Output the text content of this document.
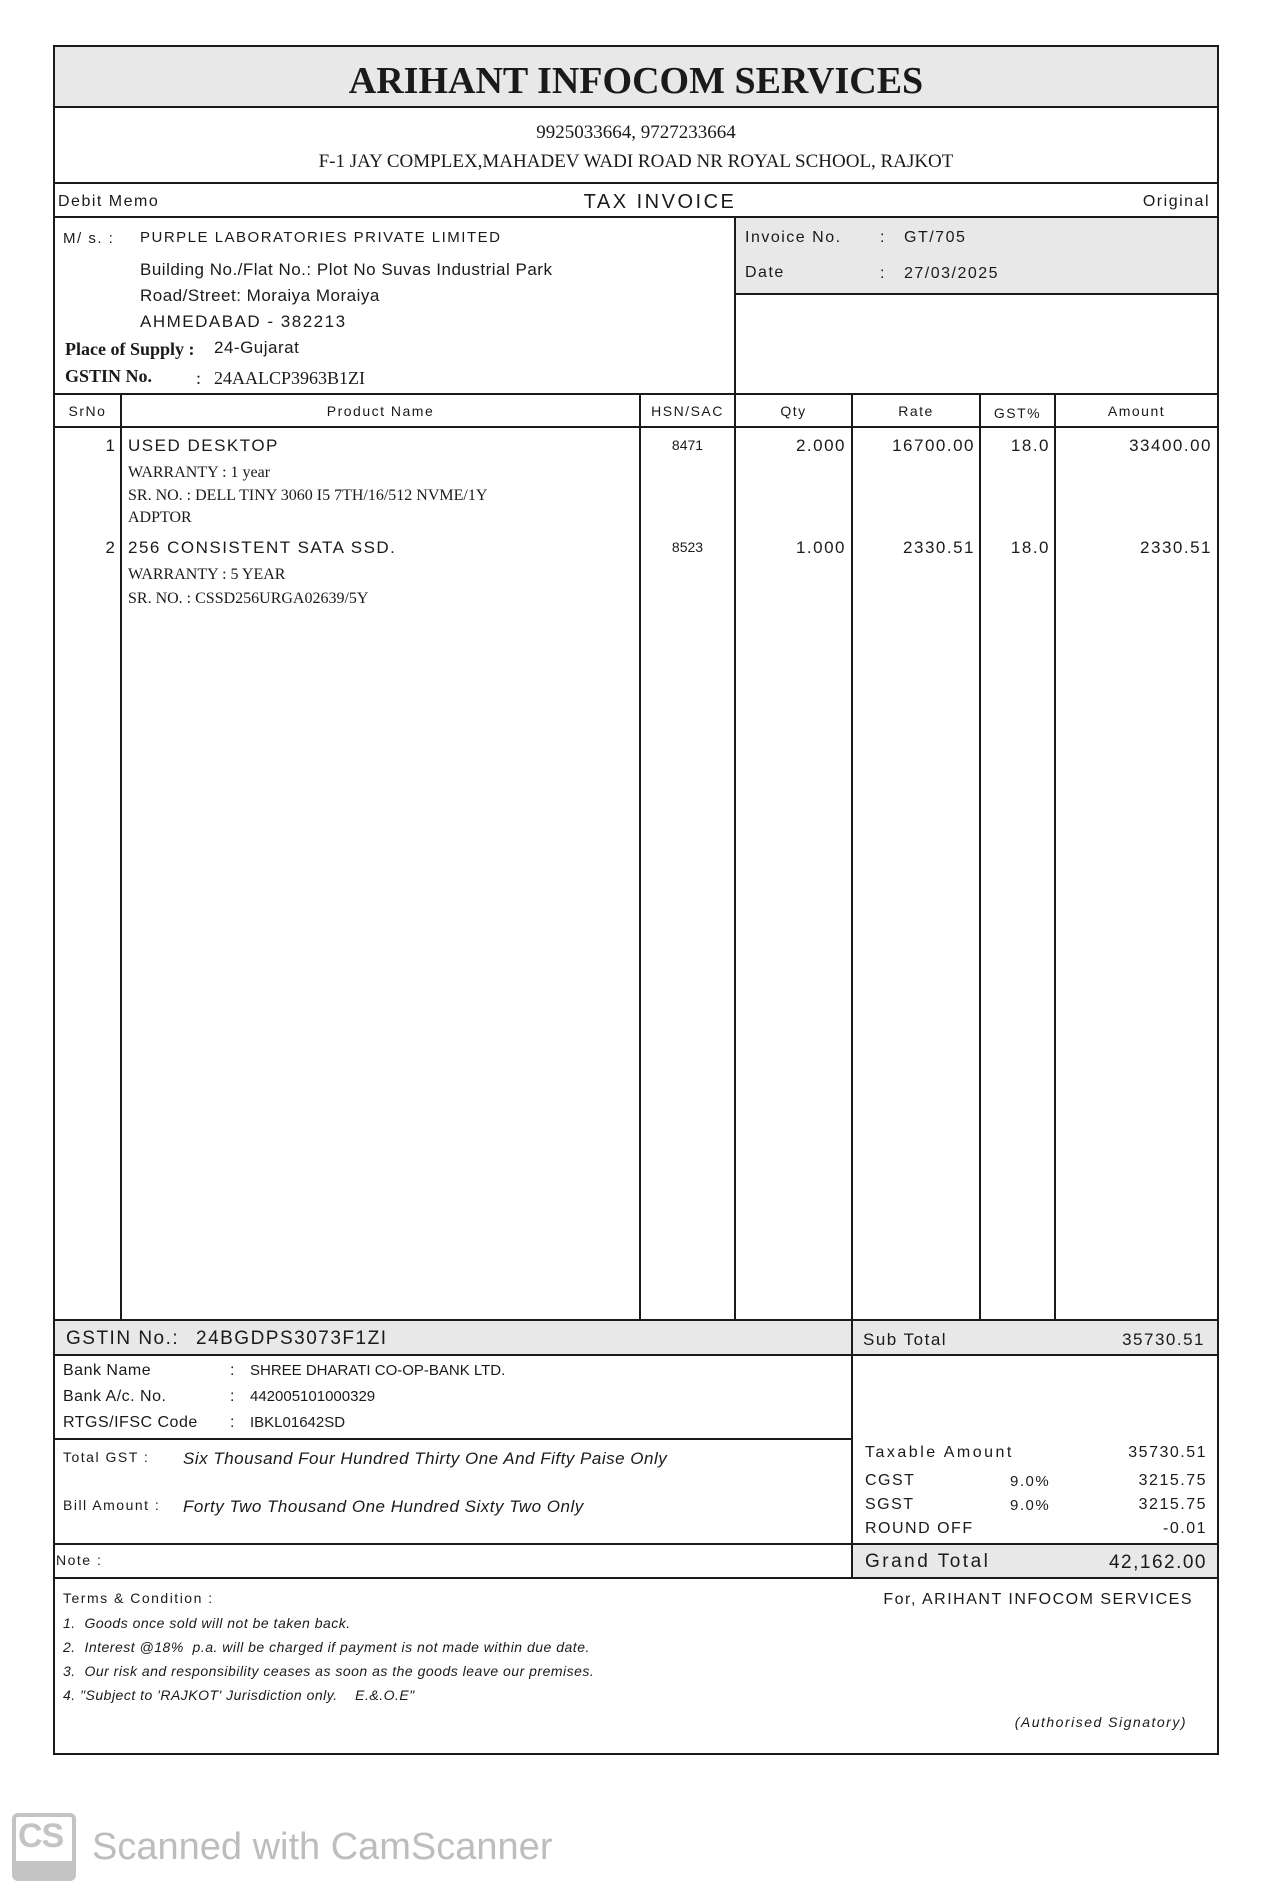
ARIHANT INFOCOM SERVICES
9925033664, 9727233664
F-1 JAY COMPLEX,MAHADEV WADI ROAD NR ROYAL SCHOOL, RAJKOT
Debit Memo	TAX INVOICE	Original
M/ s. : PURPLE LABORATORIES PRIVATE LIMITED
Building No./Flat No.: Plot No Suvas Industrial Park
Road/Street: Moraiya Moraiya
AHMEDABAD - 382213
Place of Supply : 24-Gujarat
GSTIN No. : 24AALCP3963B1ZI
Invoice No. : GT/705
Date	: 27/03/2025
SrNo	Product Name	HSN/SAC	Qty	Rate	GST%	Amount
1 USED DESKTOP
WARRANTY : 1 year
SR. NO. : DELL TINY 3060 I5 7TH/16/512 NVME/1Y
ADPTOR
8471	2.000	16700.00	18.0	33400.00
2 256 CONSISTENT SATA SSD.
WARRANTY : 5 YEAR
SR. NO. : CSSD256URGA02639/5Y
8523	1.000	2330.51	18.0	2330.51
GSTIN No.: 24BGDPS3073F1ZI	Sub Total	35730.51
Bank Name	: SHREE DHARATI CO-OP-BANK LTD.
Bank A/c. No.	: 442005101000329
RTGS/IFSC Code : IBKL01642SD
Total GST : Six Thousand Four Hundred Thirty One And Fifty Paise Only
Bill Amount : Forty Two Thousand One Hundred Sixty Two Only
Taxable Amount	35730.51
CGST	9.0%	3215.75
SGST	9.0%	3215.75
ROUND OFF	-0.01
Note :	Grand Total	42,162.00
Terms & Condition :
1.  Goods once sold will not be taken back.
2.  Interest @18%  p.a. will be charged if payment is not made within due date.
3.  Our risk and responsibility ceases as soon as the goods leave our premises.
4. "Subject to 'RAJKOT' Jurisdiction only.    E.&.O.E"
For, ARIHANT INFOCOM SERVICES
(Authorised Signatory)
CS Scanned with CamScanner
